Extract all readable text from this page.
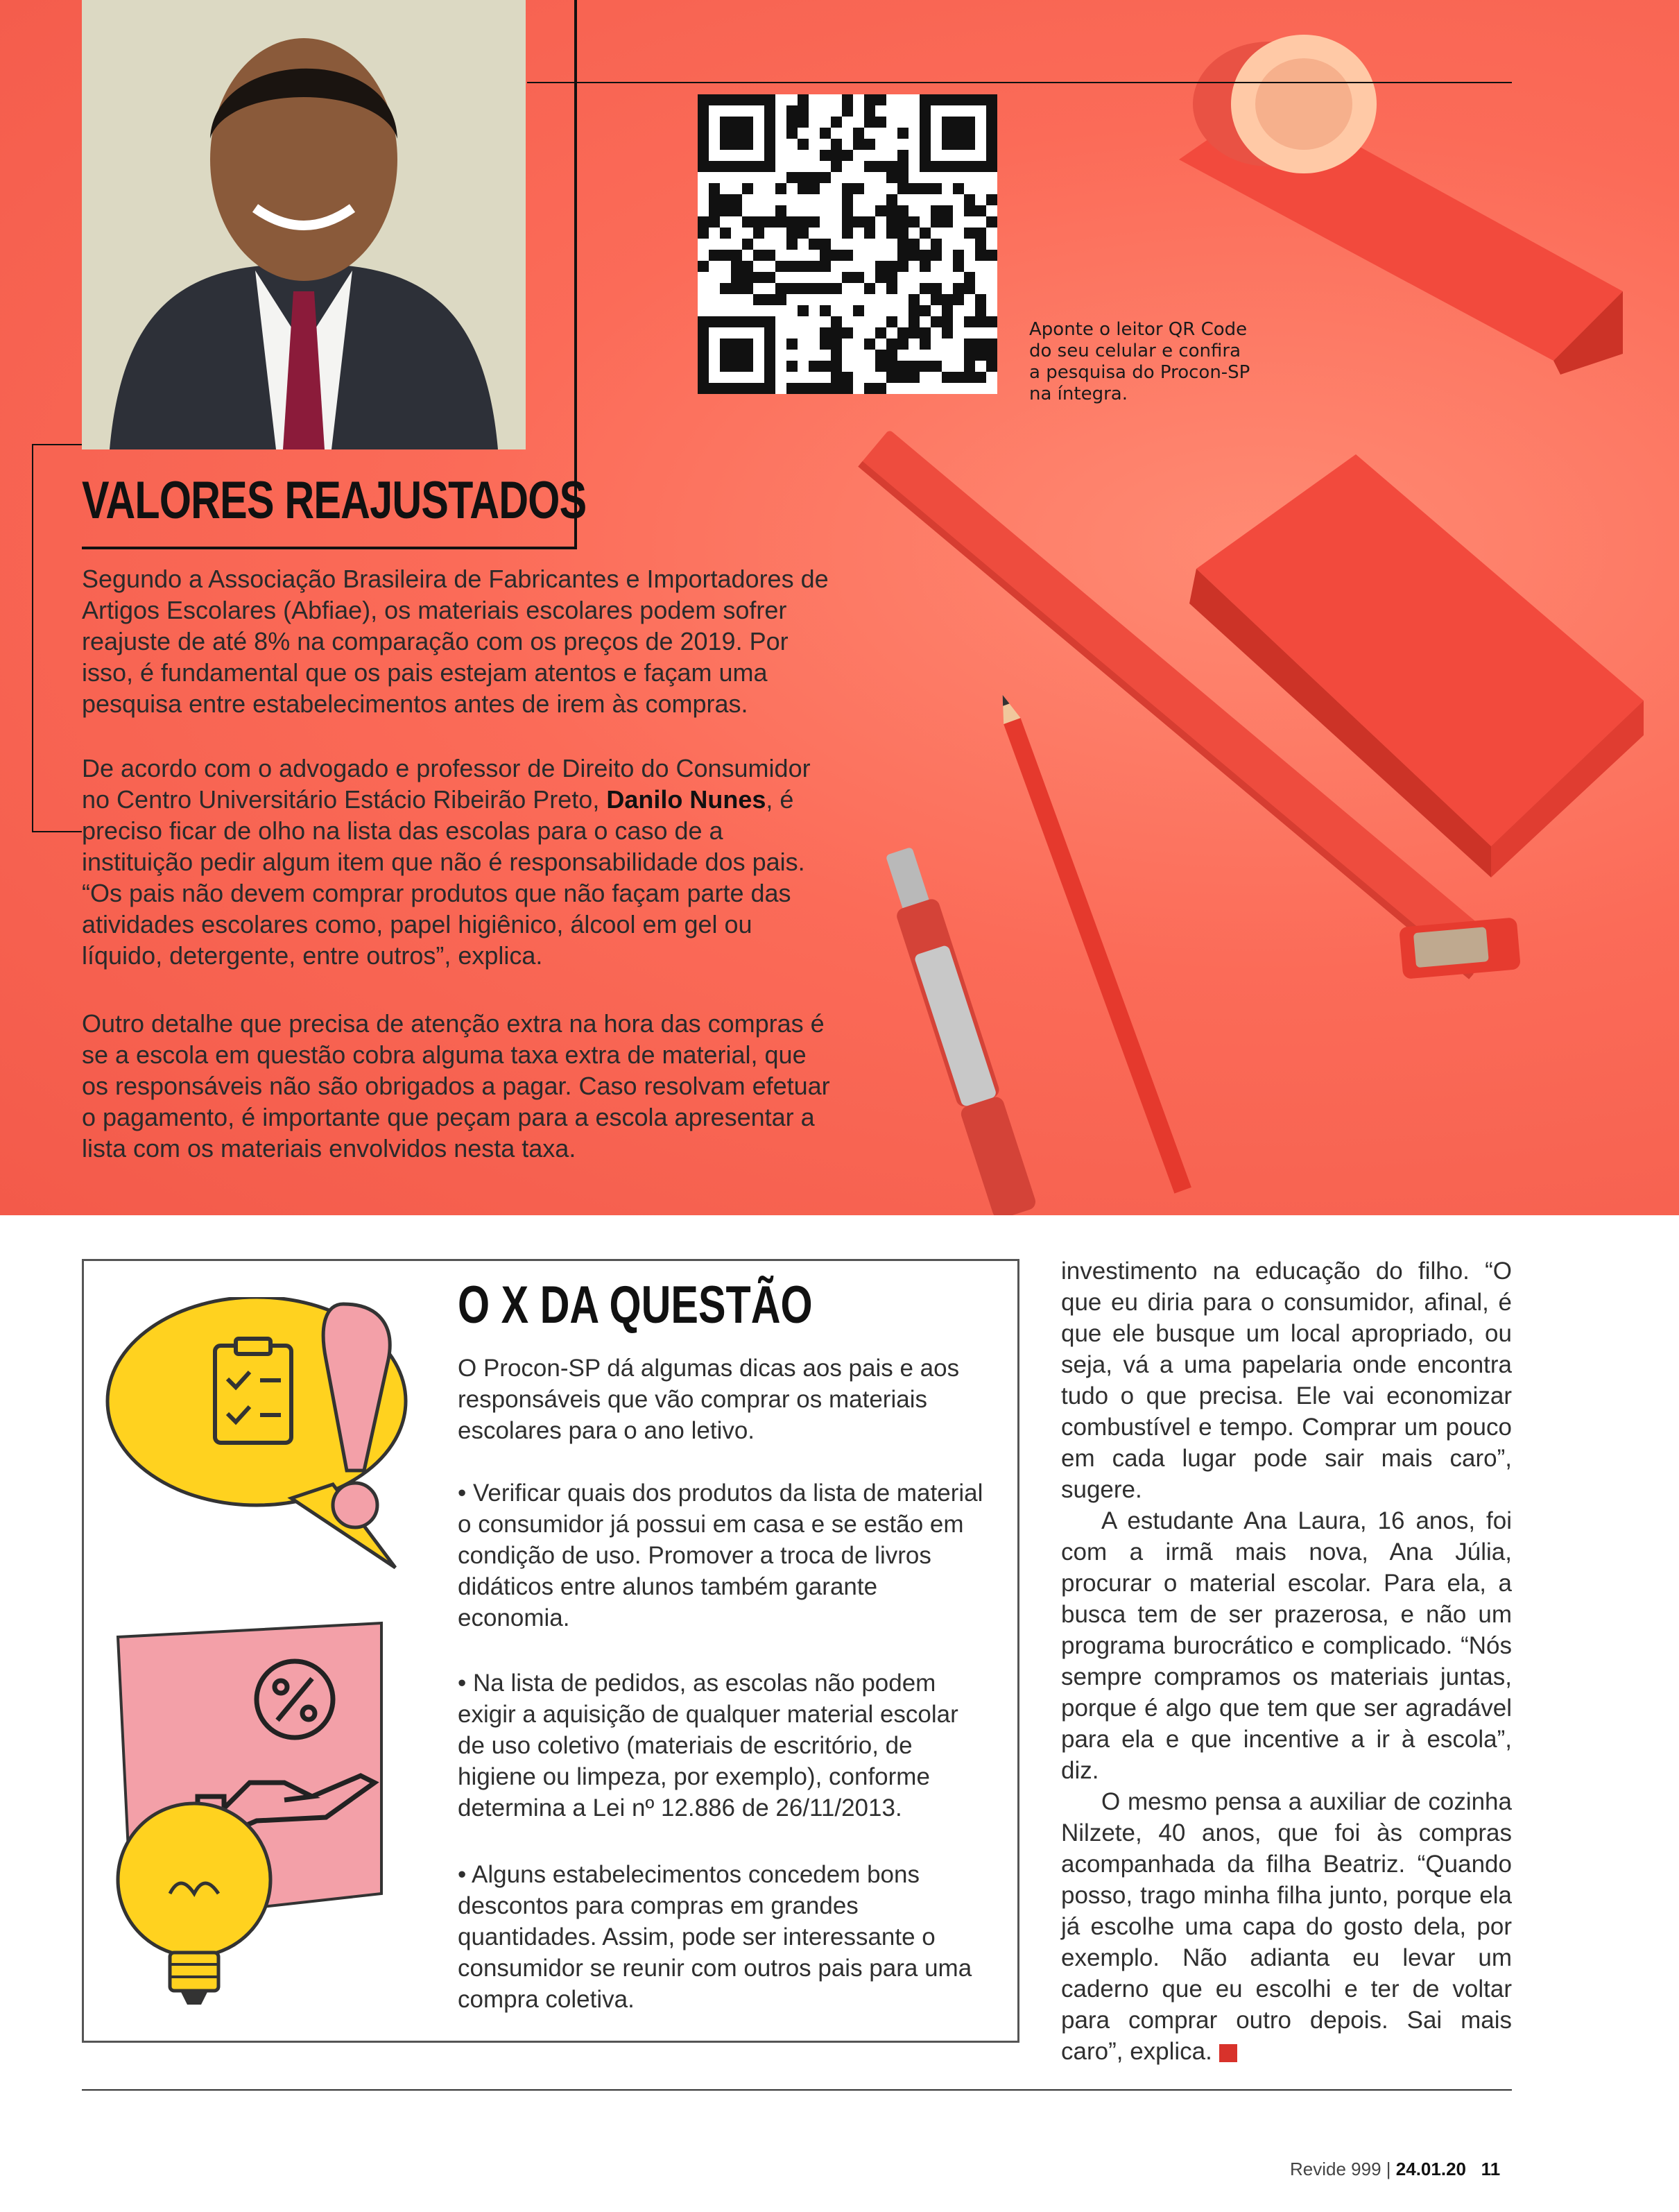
Aponte o leitor QR Code do seu celular e confira a pesquisa do Procon-SP na íntegra.
VALORES REAJUSTADOS
Segundo a Associação Brasileira de Fabricantes e Importadores de Artigos Escolares (Abfiae), os materiais escolares podem sofrer reajuste de até 8% na comparação com os preços de 2019. Por isso, é fundamental que os pais estejam atentos e façam uma pesquisa entre estabelecimentos antes de irem às compras.
De acordo com o advogado e professor de Direito do Consumidor no Centro Universitário Estácio Ribeirão Preto, Danilo Nunes, é preciso ficar de olho na lista das escolas para o caso de a instituição pedir algum item que não é responsabilidade dos pais. “Os pais não devem comprar produtos que não façam parte das atividades escolares como, papel higiênico, álcool em gel ou líquido, detergente, entre outros”, explica.
Outro detalhe que precisa de atenção extra na hora das compras é se a escola em questão cobra alguma taxa extra de material, que os responsáveis não são obrigados a pagar. Caso resolvam efetuar o pagamento, é importante que peçam para a escola apresentar a lista com os materiais envolvidos nesta taxa.
O X DA QUESTÃO
O Procon-SP dá algumas dicas aos pais e aos responsáveis que vão comprar os materiais escolares para o ano letivo.
• Verificar quais dos produtos da lista de material o consumidor já possui em casa e se estão em condição de uso. Promover a troca de livros didáticos entre alunos também garante economia.
• Na lista de pedidos, as escolas não podem exigir a aquisição de qualquer material escolar de uso coletivo (materiais de escritório, de higiene ou limpeza, por exemplo), conforme determina a Lei nº 12.886 de 26/11/2013.
• Alguns estabelecimentos concedem bons descontos para compras em grandes quantidades. Assim, pode ser interessante o consumidor se reunir com outros pais para uma compra coletiva.

investimento na educação do filho. “O que eu diria para o consumidor, afinal, é que ele busque um local apropriado, ou seja, vá a uma papelaria onde encontra tudo o que precisa. Ele vai economizar combustível e tempo. Comprar um pouco em cada lugar pode sair mais caro”, sugere.

A estudante Ana Laura, 16 anos, foi com a irmã mais nova, Ana Júlia, procurar o material escolar. Para ela, a busca tem de ser prazerosa, e não um programa burocrático e complicado. “Nós sempre compramos os materiais juntas, porque é algo que tem que ser agradável para ela e que incentive a ir à escola”, diz.

O mesmo pensa a auxiliar de cozinha Nilzete, 40 anos, que foi às compras acompanhada da filha Beatriz. “Quando posso, trago minha filha junto, porque ela já escolhe uma capa do gosto dela, por exemplo. Não adianta eu levar um caderno que eu escolhi e ter de voltar para comprar outro depois. Sai mais caro”, explica.	R

Revide 999 | 24.01.20 11
